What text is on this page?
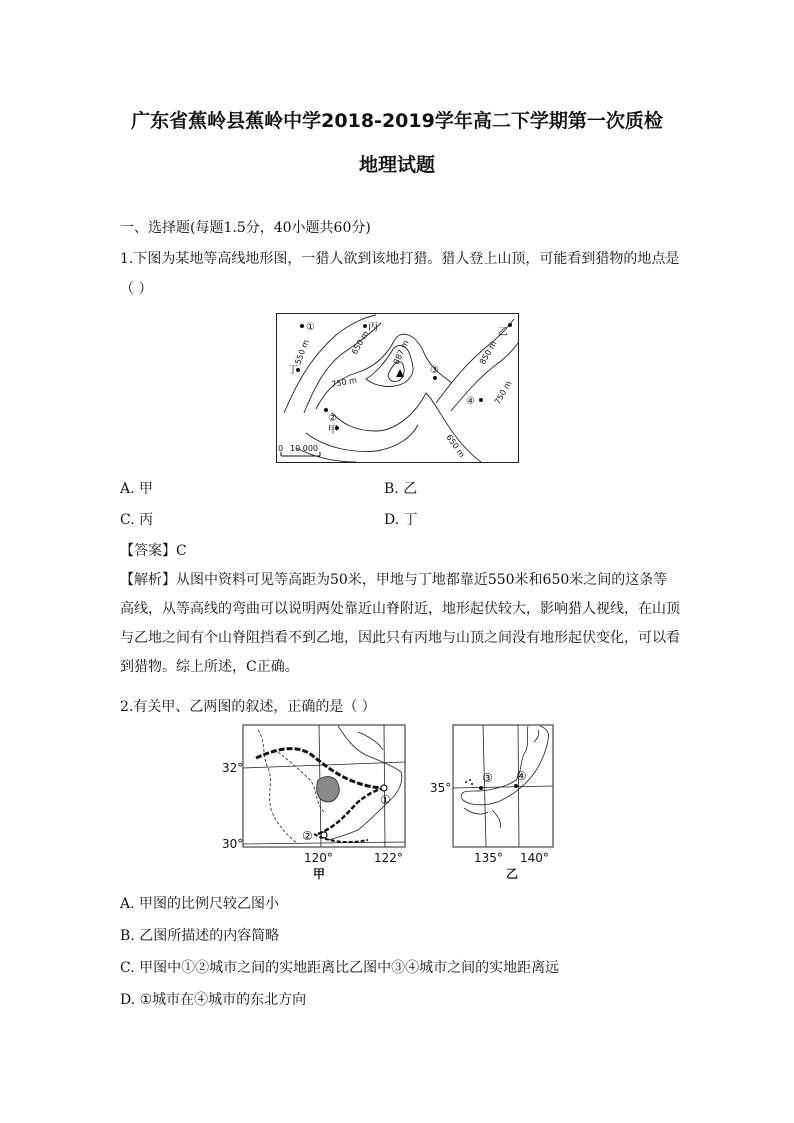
广东省蕉岭县蕉岭中学2018-2019学年高二下学期第一次质检
地理试题
一、选择题(每题1.5分，40小题共60分)
1.下图为某地等高线地形图，一猎人欲到该地打猎。猎人登上山顶，可能看到猎物的地点是
（ ）
①	丙	乙
丁
②
甲
③
④
550 m	650 m	887 m	850 m
750 m	750 m
650 m
0 10 000
A. 甲	B. 乙
C. 丙	D. 丁
【答案】C
【解析】从图中资料可见等高距为50米，甲地与丁地都靠近550米和650米之间的这条等高线，从等高线的弯曲可以说明两处靠近山脊附近，地形起伏较大，影响猎人视线，在山顶与乙地之间有个山脊阻挡看不到乙地，因此只有丙地与山顶之间没有地形起伏变化，可以看到猎物。综上所述，C正确。
2.有关甲、乙两图的叙述，正确的是（ ）
32°
30°
120°	122°
①
②
甲
35°
135° 140°
③ ④
乙
A. 甲图的比例尺较乙图小
B. 乙图所描述的内容简略
C. 甲图中①②城市之间的实地距离比乙图中③④城市之间的实地距离远
D. ①城市在④城市的东北方向
